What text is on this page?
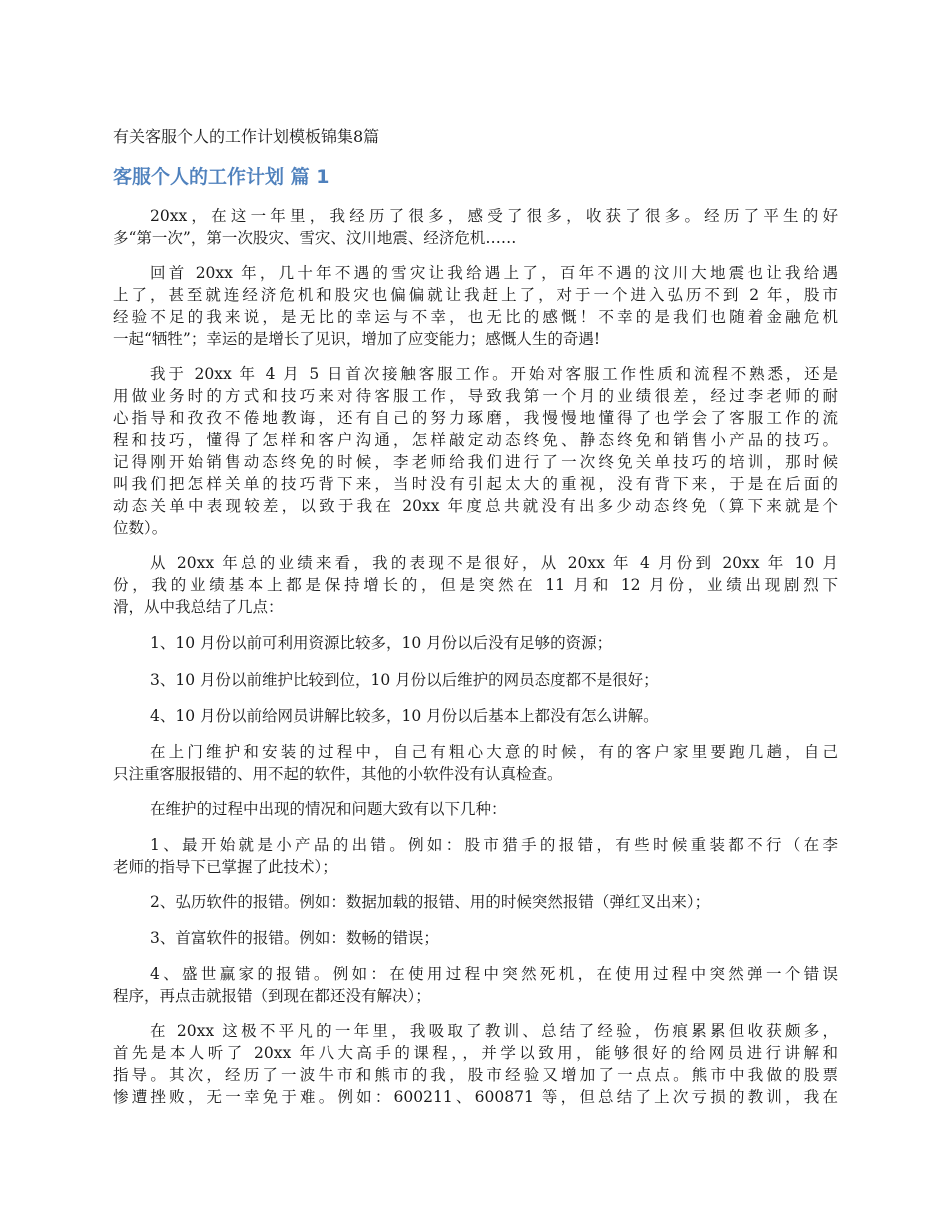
有关客服个人的工作计划模板锦集8篇
客服个人的工作计划 篇 1
20xx，在这一年里，我经历了很多，感受了很多，收获了很多。经历了平生的好
多“第一次”，第一次股灾、雪灾、汶川地震、经济危机……
回首 20xx 年，几十年不遇的雪灾让我给遇上了，百年不遇的汶川大地震也让我给遇
上了，甚至就连经济危机和股灾也偏偏就让我赶上了，对于一个进入弘历不到 2 年，股市
经验不足的我来说，是无比的幸运与不幸，也无比的感慨！不幸的是我们也随着金融危机
一起“牺牲”；幸运的是增长了见识，增加了应变能力；感慨人生的奇遇!
我于 20xx 年 4 月 5 日首次接触客服工作。开始对客服工作性质和流程不熟悉，还是
用做业务时的方式和技巧来对待客服工作，导致我第一个月的业绩很差，经过李老师的耐
心指导和孜孜不倦地教诲，还有自己的努力琢磨，我慢慢地懂得了也学会了客服工作的流
程和技巧，懂得了怎样和客户沟通，怎样敲定动态终免、静态终免和销售小产品的技巧。
记得刚开始销售动态终免的时候，李老师给我们进行了一次终免关单技巧的培训，那时候
叫我们把怎样关单的技巧背下来，当时没有引起太大的重视，没有背下来，于是在后面的
动态关单中表现较差，以致于我在 20xx 年度总共就没有出多少动态终免（算下来就是个
位数）。
从 20xx 年总的业绩来看，我的表现不是很好，从 20xx 年 4 月份到 20xx 年 10 月
份，我的业绩基本上都是保持增长的，但是突然在 11 月和 12 月份，业绩出现剧烈下
滑，从中我总结了几点：
1、10 月份以前可利用资源比较多，10 月份以后没有足够的资源；
3、10 月份以前维护比较到位，10 月份以后维护的网员态度都不是很好；
4、10 月份以前给网员讲解比较多，10 月份以后基本上都没有怎么讲解。
在上门维护和安装的过程中，自己有粗心大意的时候，有的客户家里要跑几趟，自己
只注重客服报错的、用不起的软件，其他的小软件没有认真检查。
在维护的过程中出现的情况和问题大致有以下几种：
1、最开始就是小产品的出错。例如：股市猎手的报错，有些时候重装都不行（在李
老师的指导下已掌握了此技术）；
2、弘历软件的报错。例如：数据加载的报错、用的时候突然报错（弹红叉出来）；
3、首富软件的报错。例如：数畅的错误；
4、盛世赢家的报错。例如：在使用过程中突然死机，在使用过程中突然弹一个错误
程序，再点击就报错（到现在都还没有解决）；
在 20xx 这极不平凡的一年里，我吸取了教训、总结了经验，伤痕累累但收获颇多，
首先是本人听了 20xx 年八大高手的课程，，并学以致用，能够很好的给网员进行讲解和
指导。其次，经历了一波牛市和熊市的我，股市经验又增加了一点点。熊市中我做的股票
惨遭挫败，无一幸免于难。例如：600211、600871 等，但总结了上次亏损的教训，我在
